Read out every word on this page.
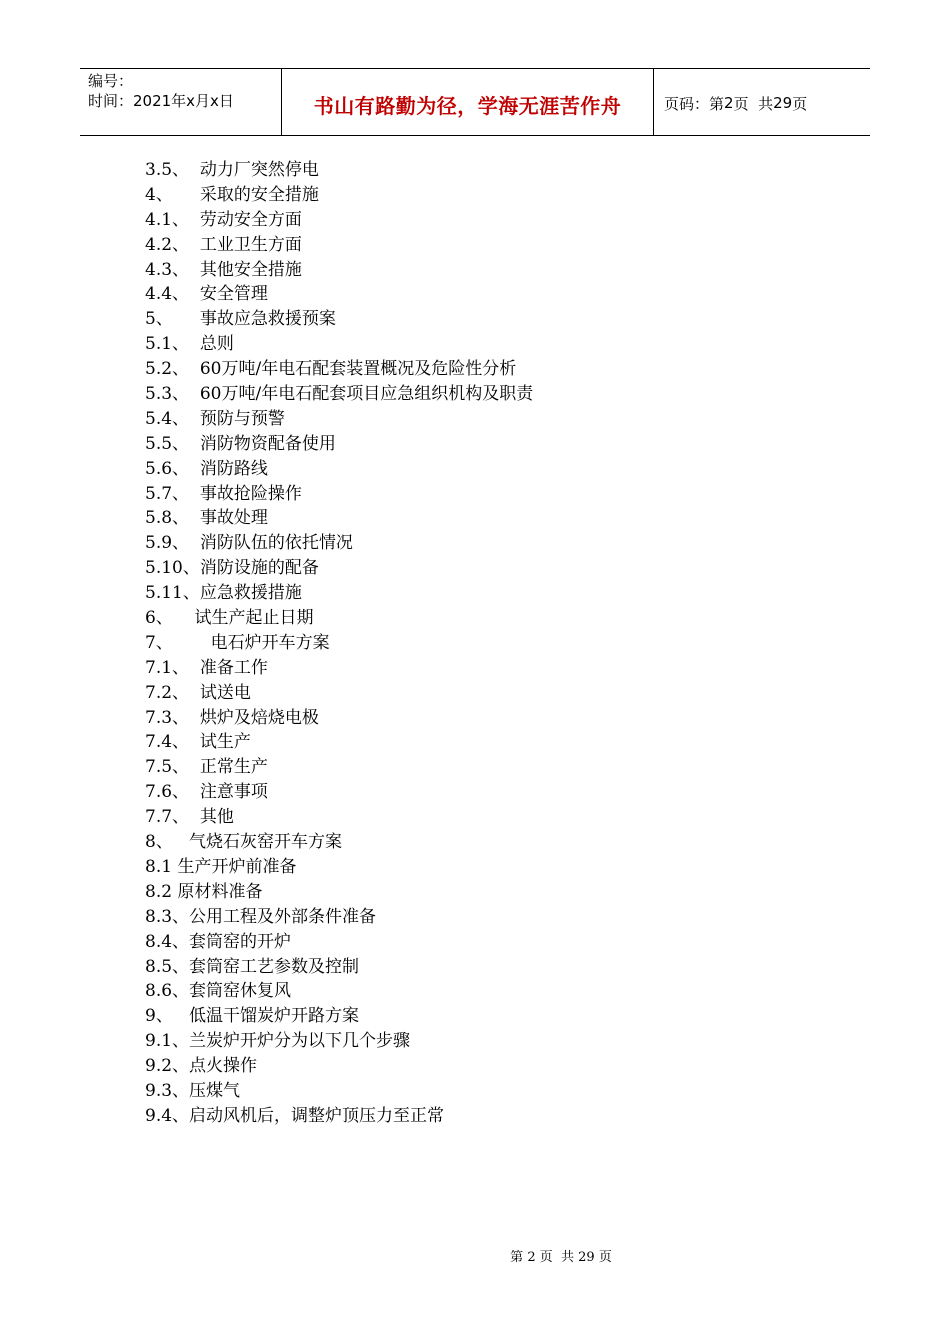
编号：
时间：2021年x月x日	书山有路勤为径，学海无涯苦作舟	页码：第 2 页  共 29 页
3.5、 动力厂突然停电
4、 采取的安全措施
4.1、 劳动安全方面
4.2、 工业卫生方面
4.3、 其他安全措施
4.4、 安全管理
5、 事故应急救援预案
5.1、 总则
5.2、 60万吨/年电石配套装置概况及危险性分析
5.3、 60万吨/年电石配套项目应急组织机构及职责
5.4、 预防与预警
5.5、 消防物资配备使用
5.6、 消防路线
5.7、 事故抢险操作
5.8、 事故处理
5.9、 消防队伍的依托情况
5.10、消防设施的配备
5.11、应急救援措施
6、 试生产起止日期
7、 电石炉开车方案
7.1、 准备工作
7.2、 试送电
7.3、 烘炉及焙烧电极
7.4、 试生产
7.5、 正常生产
7.6、 注意事项
7.7、 其他
8、 气烧石灰窑开车方案
8.1 生产开炉前准备
8.2 原材料准备
8.3、公用工程及外部条件准备
8.4、套筒窑的开炉
8.5、套筒窑工艺参数及控制
8.6、套筒窑休复风
9、 低温干馏炭炉开路方案
9.1、兰炭炉开炉分为以下几个步骤
9.2、点火操作
9.3、压煤气
9.4、启动风机后，调整炉顶压力至正常
第 2 页  共 29 页
